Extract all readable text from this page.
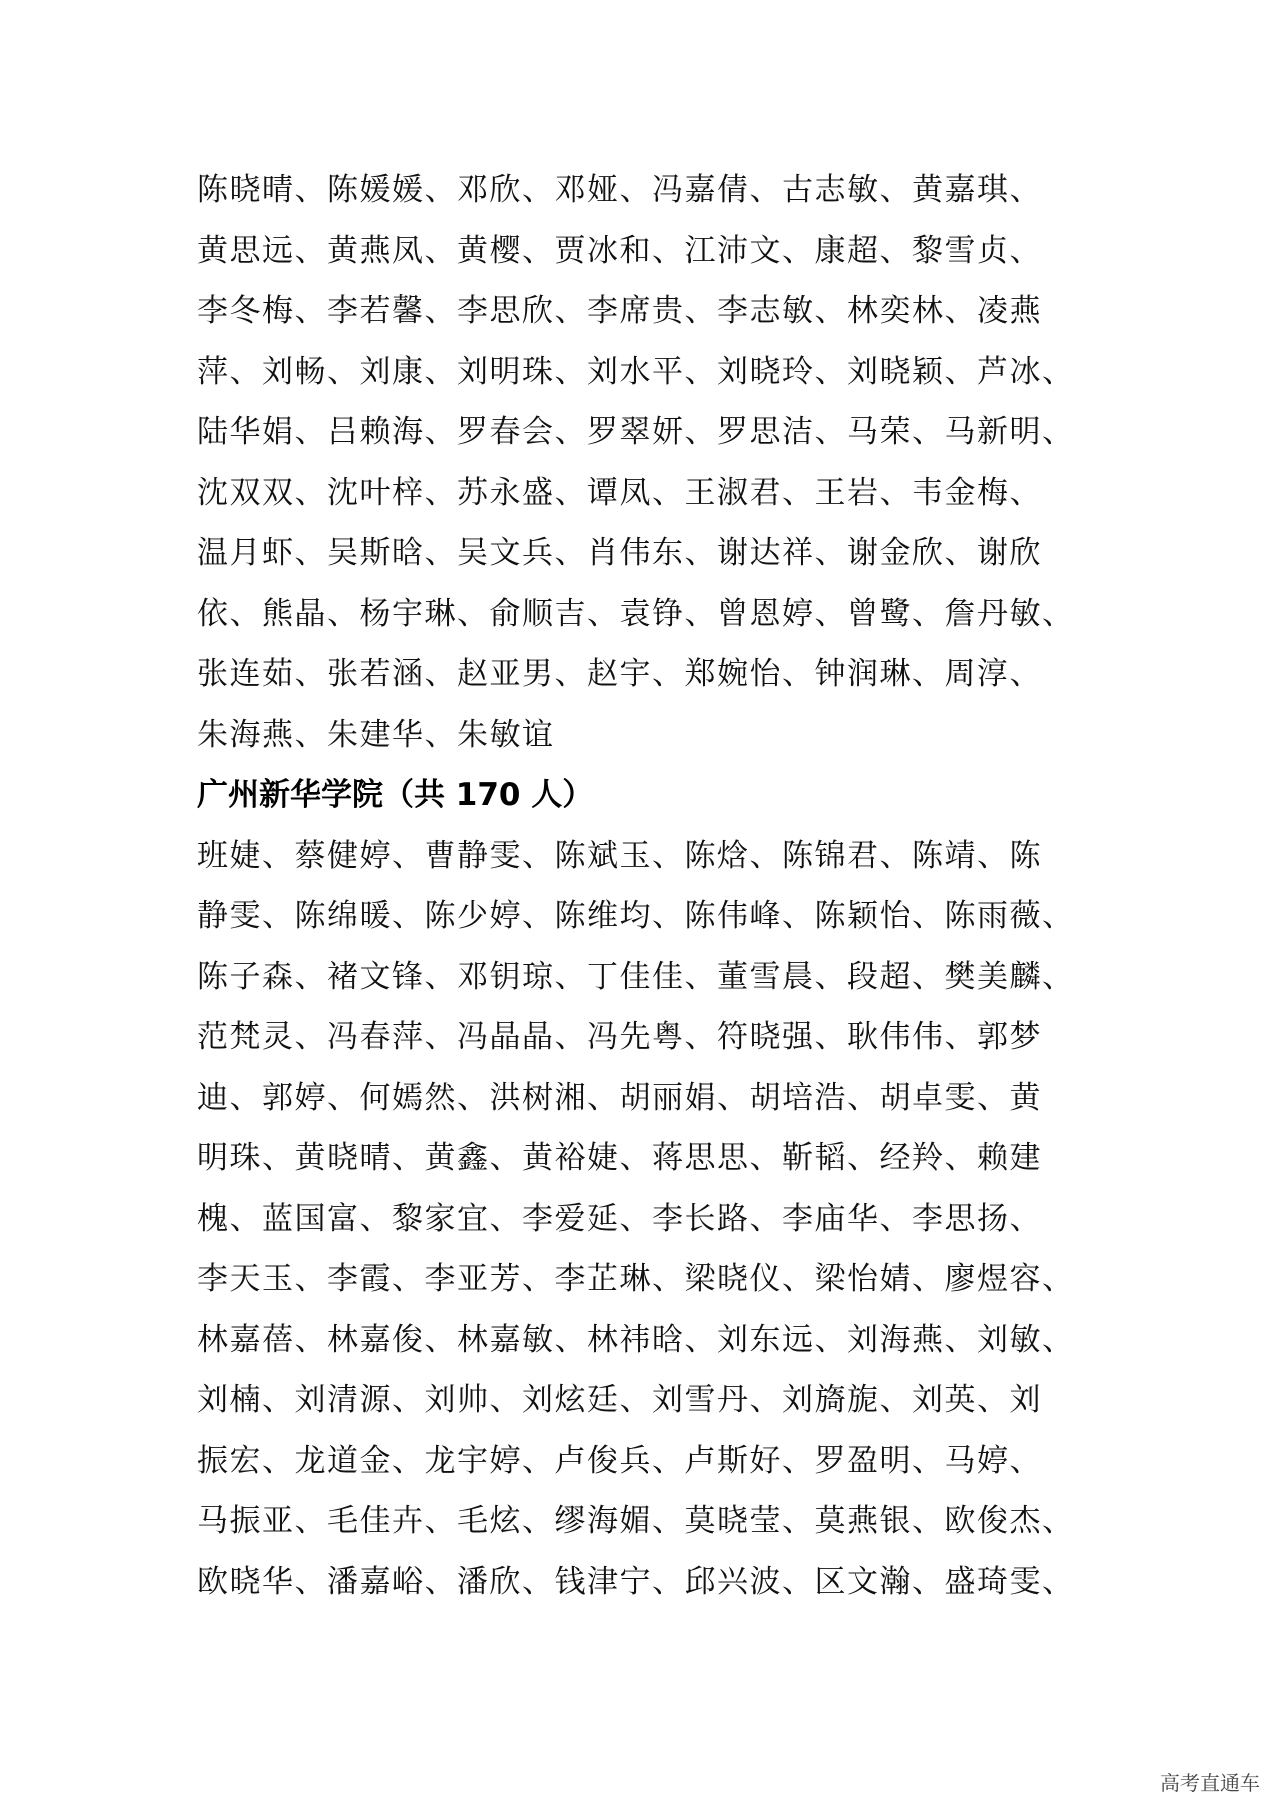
陈晓晴、陈媛媛、邓欣、邓娅、冯嘉倩、古志敏、黄嘉琪、
黄思远、黄燕凤、黄樱、贾冰和、江沛文、康超、黎雪贞、
李冬梅、李若馨、李思欣、李席贵、李志敏、林奕林、凌燕
萍、刘畅、刘康、刘明珠、刘水平、刘晓玲、刘晓颖、芦冰、
陆华娟、吕赖海、罗春会、罗翠妍、罗思洁、马荣、马新明、
沈双双、沈叶梓、苏永盛、谭凤、王淑君、王岩、韦金梅、
温月虾、吴斯晗、吴文兵、肖伟东、谢达祥、谢金欣、谢欣
依、熊晶、杨宇琳、俞顺吉、袁铮、曾恩婷、曾鹭、詹丹敏、
张连茹、张若涵、赵亚男、赵宇、郑婉怡、钟润琳、周淳、
朱海燕、朱建华、朱敏谊
广州新华学院（共 170 人）
班婕、蔡健婷、曹静雯、陈斌玉、陈焓、陈锦君、陈靖、陈
静雯、陈绵暖、陈少婷、陈维均、陈伟峰、陈颖怡、陈雨薇、
陈子森、褚文锋、邓钥琼、丁佳佳、董雪晨、段超、樊美麟、
范梵灵、冯春萍、冯晶晶、冯先粤、符晓强、耿伟伟、郭梦
迪、郭婷、何嫣然、洪树湘、胡丽娟、胡培浩、胡卓雯、黄
明珠、黄晓晴、黄鑫、黄裕婕、蒋思思、靳韬、经羚、赖建
槐、蓝国富、黎家宜、李爱延、李长路、李庙华、李思扬、
李天玉、李霞、李亚芳、李芷琳、梁晓仪、梁怡婧、廖煜容、
林嘉蓓、林嘉俊、林嘉敏、林祎晗、刘东远、刘海燕、刘敏、
刘楠、刘清源、刘帅、刘炫廷、刘雪丹、刘旖旎、刘英、刘
振宏、龙道金、龙宇婷、卢俊兵、卢斯好、罗盈明、马婷、
马振亚、毛佳卉、毛炫、缪海媚、莫晓莹、莫燕银、欧俊杰、
欧晓华、潘嘉峪、潘欣、钱津宁、邱兴波、区文瀚、盛琦雯、
高考直通车
